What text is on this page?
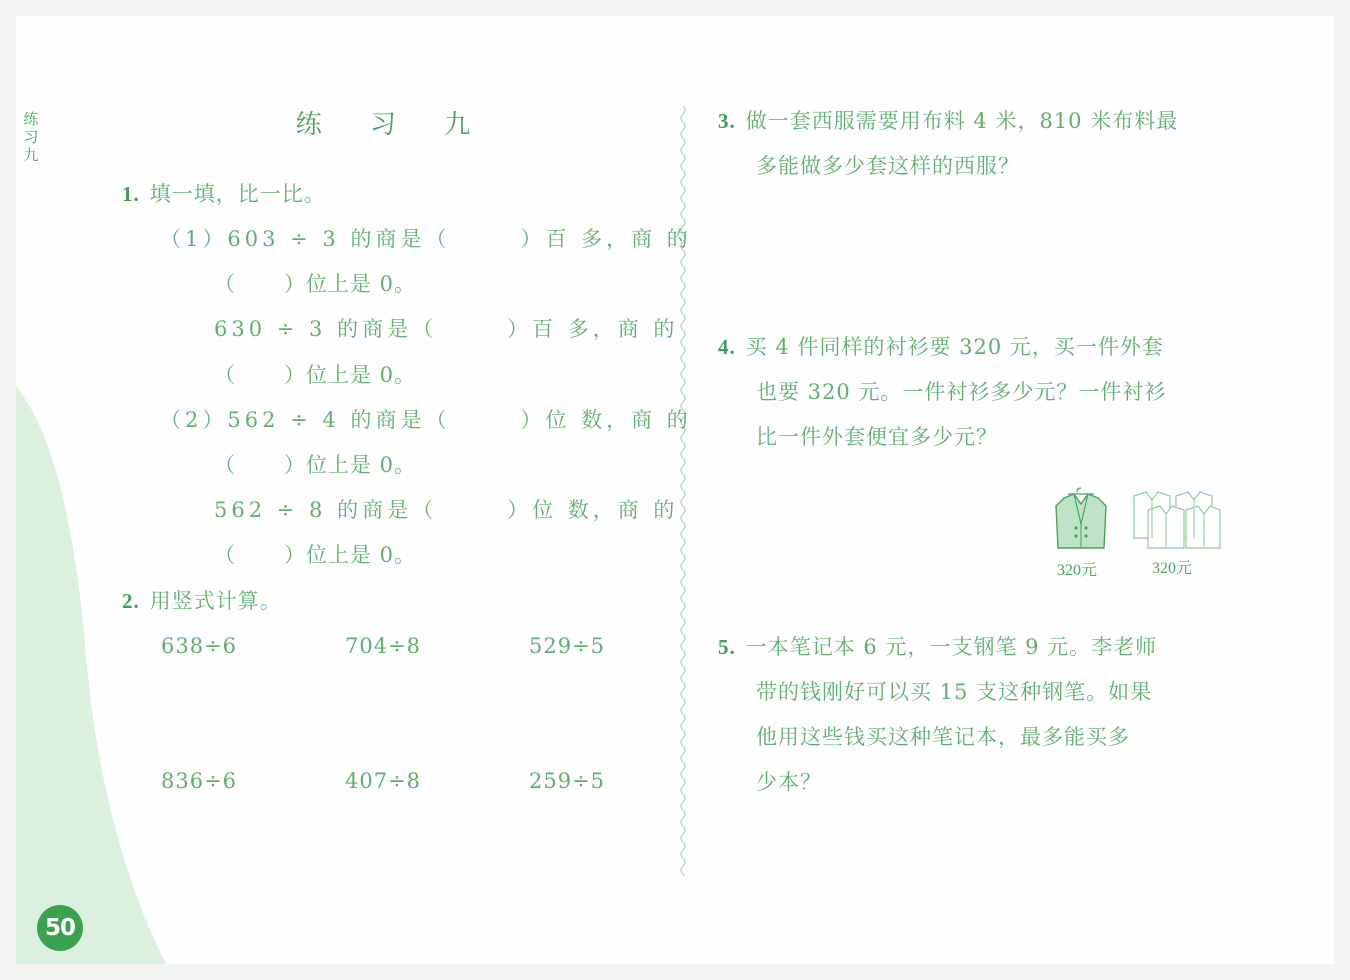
练
习
九
50
练 习 九
1. 填一填，比一比。
（1）603 ÷ 3 的商是（	）百 多，商 的
（ ）位上是 0。
630 ÷ 3 的商是（	）百 多，商 的
（ ）位上是 0。
（2）562 ÷ 4 的商是（	）位 数，商 的
（ ）位上是 0。
562 ÷ 8 的商是（	）位 数，商 的
（ ）位上是 0。
2. 用竖式计算。
638÷6	704÷8	529÷5
836÷6	407÷8	259÷5
3. 做一套西服需要用布料 4 米，810 米布料最
多能做多少套这样的西服？
4. 买 4 件同样的衬衫要 320 元，买一件外套
也要 320 元。一件衬衫多少元？一件衬衫
比一件外套便宜多少元？
320元	320元
5. 一本笔记本 6 元，一支钢笔 9 元。李老师
带的钱刚好可以买 15 支这种钢笔。如果
他用这些钱买这种笔记本，最多能买多
少本？
